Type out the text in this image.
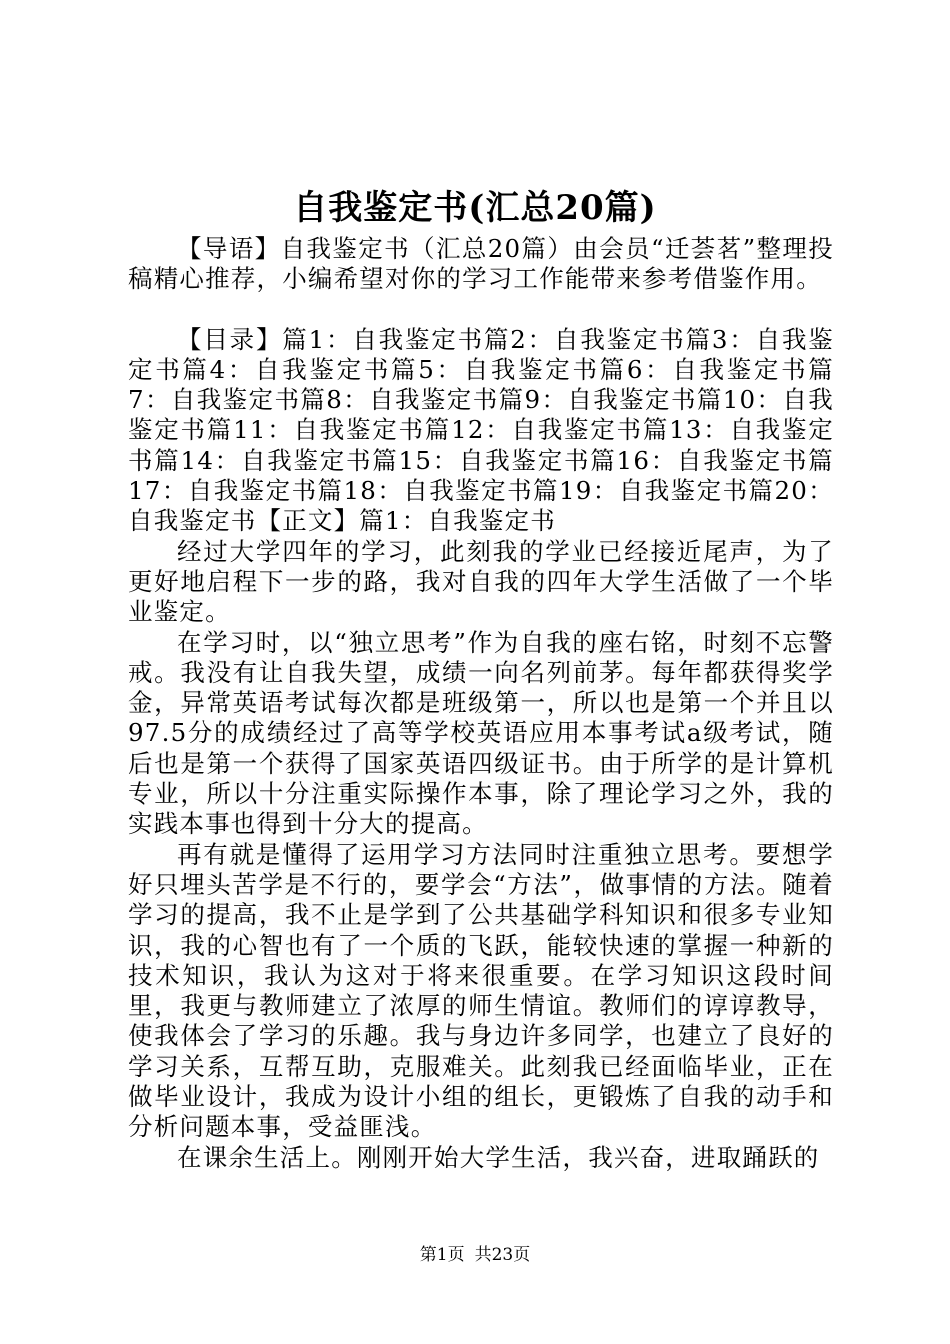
自我鉴定书(汇总20篇)

【导语】自我鉴定书（汇总20篇）由会员“迁荟茗”整理投稿精心推荐，小编希望对你的学习工作能带来参考借鉴作用。

【目录】篇1：自我鉴定书篇2：自我鉴定书篇3：自我鉴定书篇4：自我鉴定书篇5：自我鉴定书篇6：自我鉴定书篇7：自我鉴定书篇8：自我鉴定书篇9：自我鉴定书篇10：自我鉴定书篇11：自我鉴定书篇12：自我鉴定书篇13：自我鉴定书篇14：自我鉴定书篇15：自我鉴定书篇16：自我鉴定书篇17：自我鉴定书篇18：自我鉴定书篇19：自我鉴定书篇20：自我鉴定书【正文】篇1：自我鉴定书

经过大学四年的学习，此刻我的学业已经接近尾声，为了更好地启程下一步的路，我对自我的四年大学生活做了一个毕业鉴定。

在学习时，以“独立思考”作为自我的座右铭，时刻不忘警戒。我没有让自我失望，成绩一向名列前茅。每年都获得奖学金，异常英语考试每次都是班级第一，所以也是第一个并且以97.5分的成绩经过了高等学校英语应用本事考试a级考试，随后也是第一个获得了国家英语四级证书。由于所学的是计算机专业，所以十分注重实际操作本事，除了理论学习之外，我的实践本事也得到十分大的提高。

再有就是懂得了运用学习方法同时注重独立思考。要想学好只埋头苦学是不行的，要学会“方法”，做事情的方法。随着学习的提高，我不止是学到了公共基础学科知识和很多专业知识，我的心智也有了一个质的飞跃，能较快速的掌握一种新的技术知识，我认为这对于将来很重要。在学习知识这段时间里，我更与教师建立了浓厚的师生情谊。教师们的谆谆教导，使我体会了学习的乐趣。我与身边许多同学，也建立了良好的学习关系，互帮互助，克服难关。此刻我已经面临毕业，正在做毕业设计，我成为设计小组的组长，更锻炼了自我的动手和分析问题本事，受益匪浅。

在课余生活上。刚刚开始大学生活，我兴奋，进取踊跃的

第1页 共23页
